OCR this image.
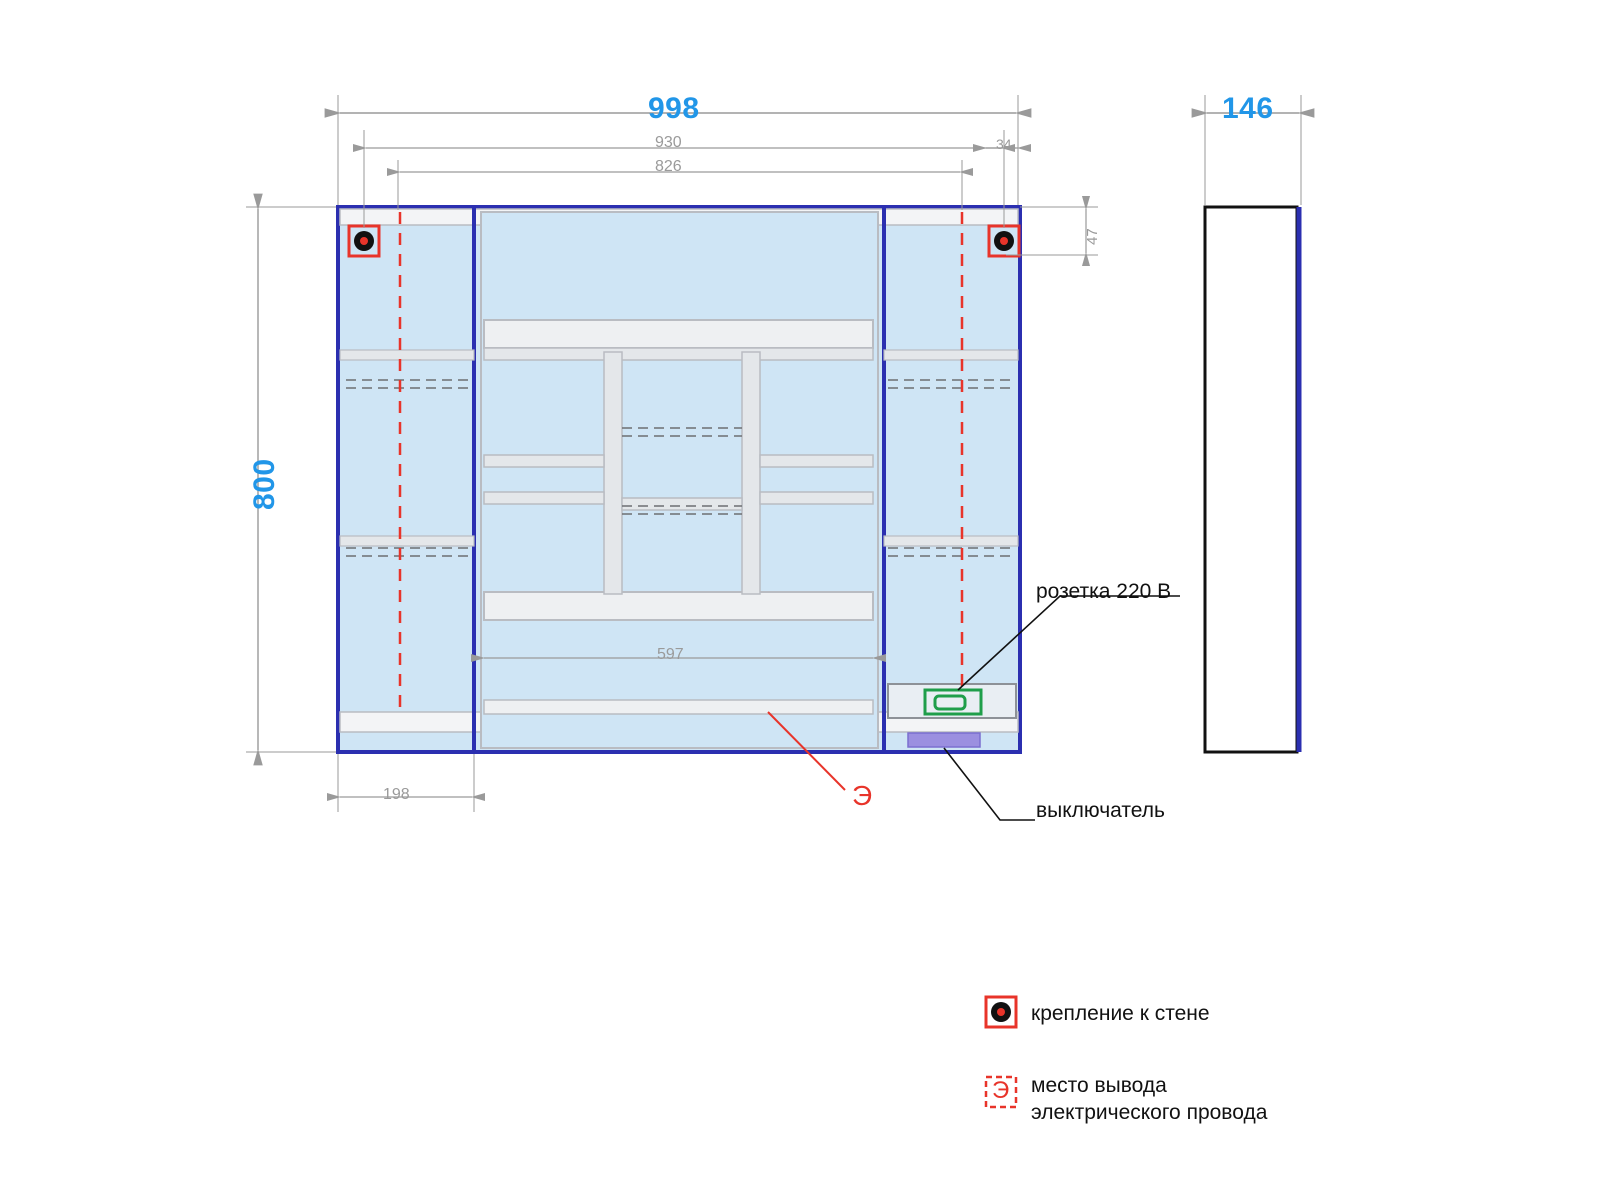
998
930	34
826
47
800
198
597
146
розетка 220 В
выключатель
Э
крепление к стене
Э место вывода
электрического провода
